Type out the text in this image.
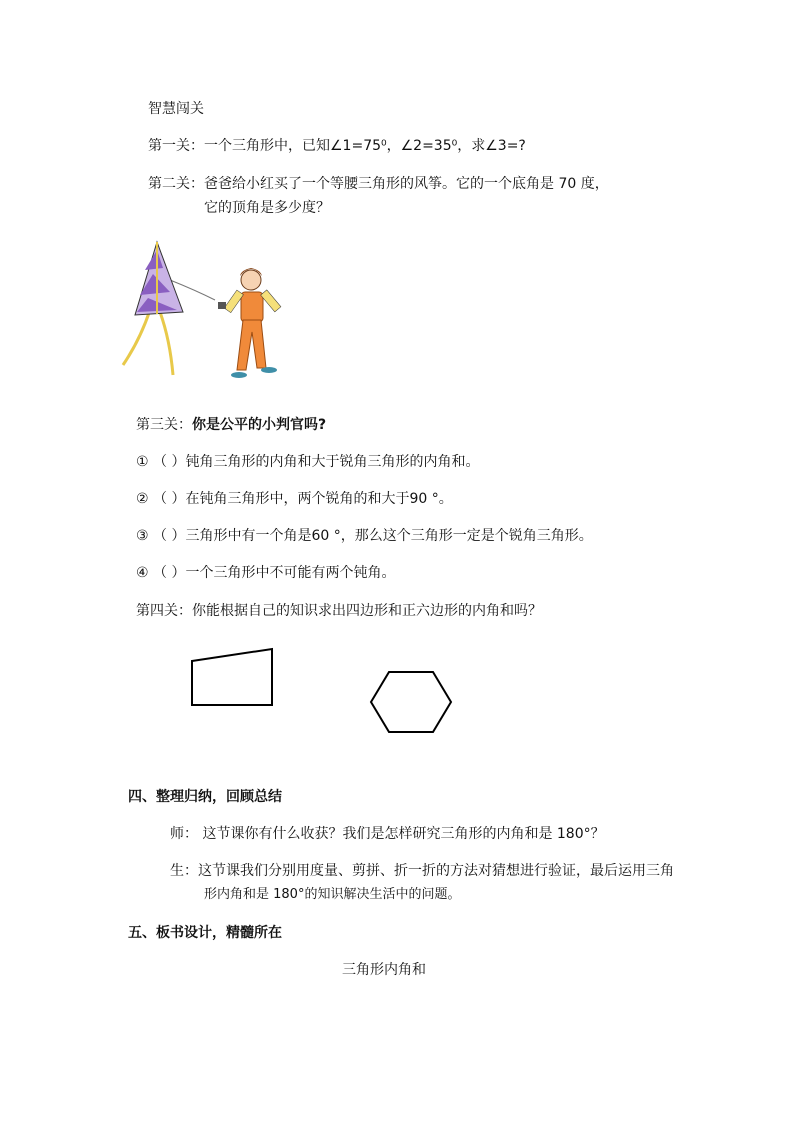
智慧闯关
第一关：一个三角形中，已知∠1=75⁰，∠2=35⁰，求∠3=?
第二关：爸爸给小红买了一个等腰三角形的风筝。它的一个底角是 70 度，
它的顶角是多少度？
第三关：你是公平的小判官吗?
① （ ）钝角三角形的内角和大于锐角三角形的内角和。
② （ ）在钝角三角形中，两个锐角的和大于90 °。
③ （ ）三角形中有一个角是60 °，那么这个三角形一定是个锐角三角形。
④ （ ）一个三角形中不可能有两个钝角。
第四关：你能根据自己的知识求出四边形和正六边形的内角和吗？
四、整理归纳，回顾总结
师： 这节课你有什么收获？我们是怎样研究三角形的内角和是 180°？
生：这节课我们分别用度量、剪拼、折一折的方法对猜想进行验证，最后运用三角
形内角和是 180°的知识解决生活中的问题。
五、板书设计，精髓所在
三角形内角和
